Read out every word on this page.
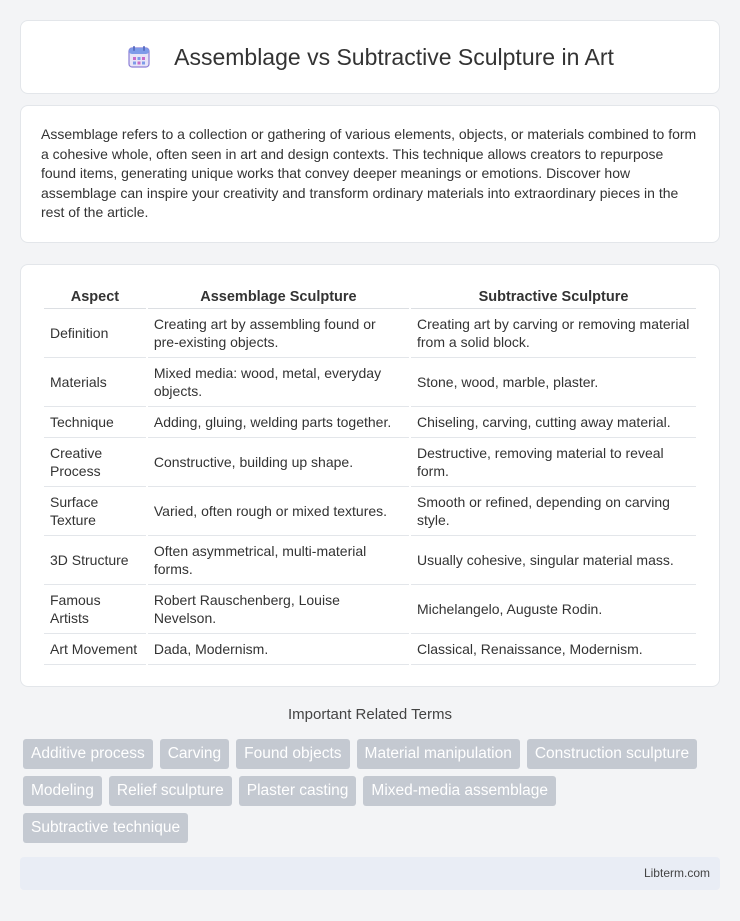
Assemblage vs Subtractive Sculpture in Art

Assemblage refers to a collection or gathering of various elements, objects, or materials combined to form a cohesive whole, often seen in art and design contexts. This technique allows creators to repurpose found items, generating unique works that convey deeper meanings or emotions. Discover how assemblage can inspire your creativity and transform ordinary materials into extraordinary pieces in the rest of the article.

Aspect	Assemblage Sculpture	Subtractive Sculpture
Definition	Creating art by assembling found or pre-existing objects.	Creating art by carving or removing material from a solid block.
Materials	Mixed media: wood, metal, everyday objects.	Stone, wood, marble, plaster.
Technique	Adding, gluing, welding parts together.	Chiseling, carving, cutting away material.
Creative Process	Constructive, building up shape.	Destructive, removing material to reveal form.
Surface Texture	Varied, often rough or mixed textures.	Smooth or refined, depending on carving style.
3D Structure	Often asymmetrical, multi-material forms.	Usually cohesive, singular material mass.
Famous Artists	Robert Rauschenberg, Louise Nevelson.	Michelangelo, Auguste Rodin.
Art Movement	Dada, Modernism.	Classical, Renaissance, Modernism.
Important Related Terms
Additive process	Carving	Found objects	Material manipulation	Construction sculpture
Modeling	Relief sculpture	Plaster casting	Mixed-media assemblage
Subtractive technique
Libterm.com
